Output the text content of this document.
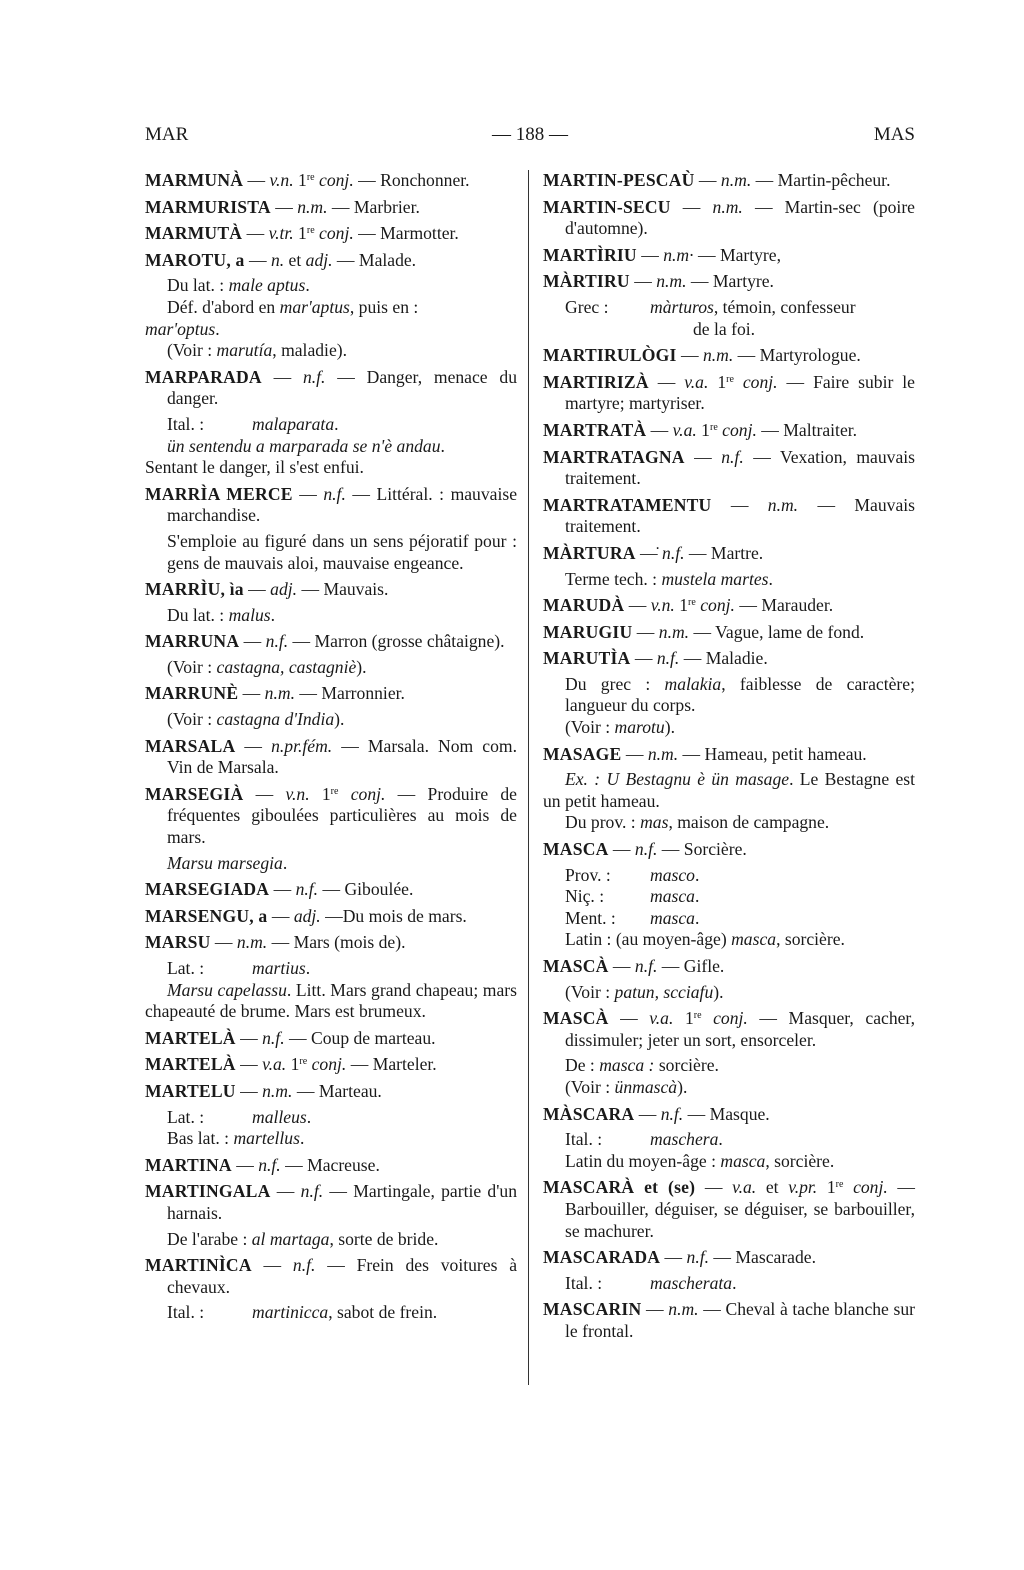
MAR	— 188 —	MAS

MARMUNÀ — v.n. 1re conj. — Ronchonner.

MARMURISTA — n.m. — Marbrier.

MARMUTÀ — v.tr. 1re conj. — Marmotter.

MAROTU, a — n. et adj. — Malade.

Du lat. : male aptus.

Déf. d'abord en mar'aptus, puis en :

mar'optus.

(Voir : marutía, maladie).

MARPARADA — n.f. — Danger, menace du danger.

Ital. :	malaparata.

ün sentendu a marparada se n'è andau.

Sentant le danger, il s'est enfui.

MARRÌA MERCE — n.f. — Littéral. : mauvaise marchandise.

S'emploie au figuré dans un sens péjoratif pour : gens de mauvais aloi, mauvaise engeance.

MARRÌU, ìa — adj. — Mauvais.

Du lat. : malus.

MARRUNA — n.f. — Marron (grosse châtaigne).

(Voir : castagna, castagniè).

MARRUNÈ — n.m. — Marronnier.

(Voir : castagna d'India).

MARSALA — n.pr.fém. — Marsala. Nom com. Vin de Marsala.

MARSEGIÀ — v.n. 1re conj. — Produire de fréquentes giboulées particulières au mois de mars.

Marsu marsegia.

MARSEGIADA — n.f. — Giboulée.

MARSENGU, a — adj. —Du mois de mars.

MARSU — n.m. — Mars (mois de).

Lat. :	martius.

Marsu capelassu. Litt. Mars grand chapeau; mars chapeauté de brume. Mars est brumeux.

MARTELÀ — n.f. — Coup de marteau.

MARTELÀ — v.a. 1re conj. — Marteler.

MARTELU — n.m. — Marteau.

Lat. :	malleus.

Bas lat. : martellus.

MARTINA — n.f. — Macreuse.

MARTINGALA — n.f. — Martingale, partie d'un harnais.

De l'arabe : al martaga, sorte de bride.

MARTINÌCA — n.f. — Frein des voitures à chevaux.

Ital. :	martinicca, sabot de frein.

MARTIN-PESCAÙ — n.m. — Martin-pêcheur.

MARTIN-SECU — n.m. — Martin-sec (poire d'automne).

MARTÌRIU — n.m· — Martyre,

MÀRTIRU — n.m. — Martyre.

Grec :màrturos, témoin, confesseur

de la foi.

MARTIRULÒGI — n.m. — Martyrologue.

MARTIRIZÀ — v.a. 1re conj. — Faire subir le martyre; martyriser.

MARTRATÀ — v.a. 1re conj. — Maltraiter.

MARTRATAGNA — n.f. — Vexation, mauvais traitement.

MARTRATAMENTU — n.m. — Mauvais traitement.

MÀRTURA —̇ n.f. — Martre.

Terme tech. : mustela martes.

MARUDÀ — v.n. 1re conj. — Marauder.

MARUGIU — n.m. — Vague, lame de fond.

MARUTÌA — n.f. — Maladie.

Du grec : malakia, faiblesse de caractère; langueur du corps.

(Voir : marotu).

MASAGE — n.m. — Hameau, petit hameau.

Ex. : U Bestagnu è ün masage. Le Bestagne est un petit hameau.

Du prov. : mas, maison de campagne.

MASCA — n.f. — Sorcière.

Prov. :masco.

Niç. :	masca.

Ment. :masca.

Latin : (au moyen-âge) masca, sorcière.

MASCÀ — n.f. — Gifle.

(Voir : patun, scciafu).

MASCÀ — v.a. 1re conj. — Masquer, cacher, dissimuler; jeter un sort, ensorceler.

De : masca : sorcière.

(Voir : ünmascà).

MÀSCARA — n.f. — Masque.

Ital. :	maschera.

Latin du moyen-âge : masca, sorcière.

MASCARÀ et (se) — v.a. et v.pr. 1re conj. — Barbouiller, déguiser, se déguiser, se barbouiller, se machurer.

MASCARADA — n.f. — Mascarade.

Ital. :	mascherata.

MASCARIN — n.m. — Cheval à tache blanche sur le frontal.
